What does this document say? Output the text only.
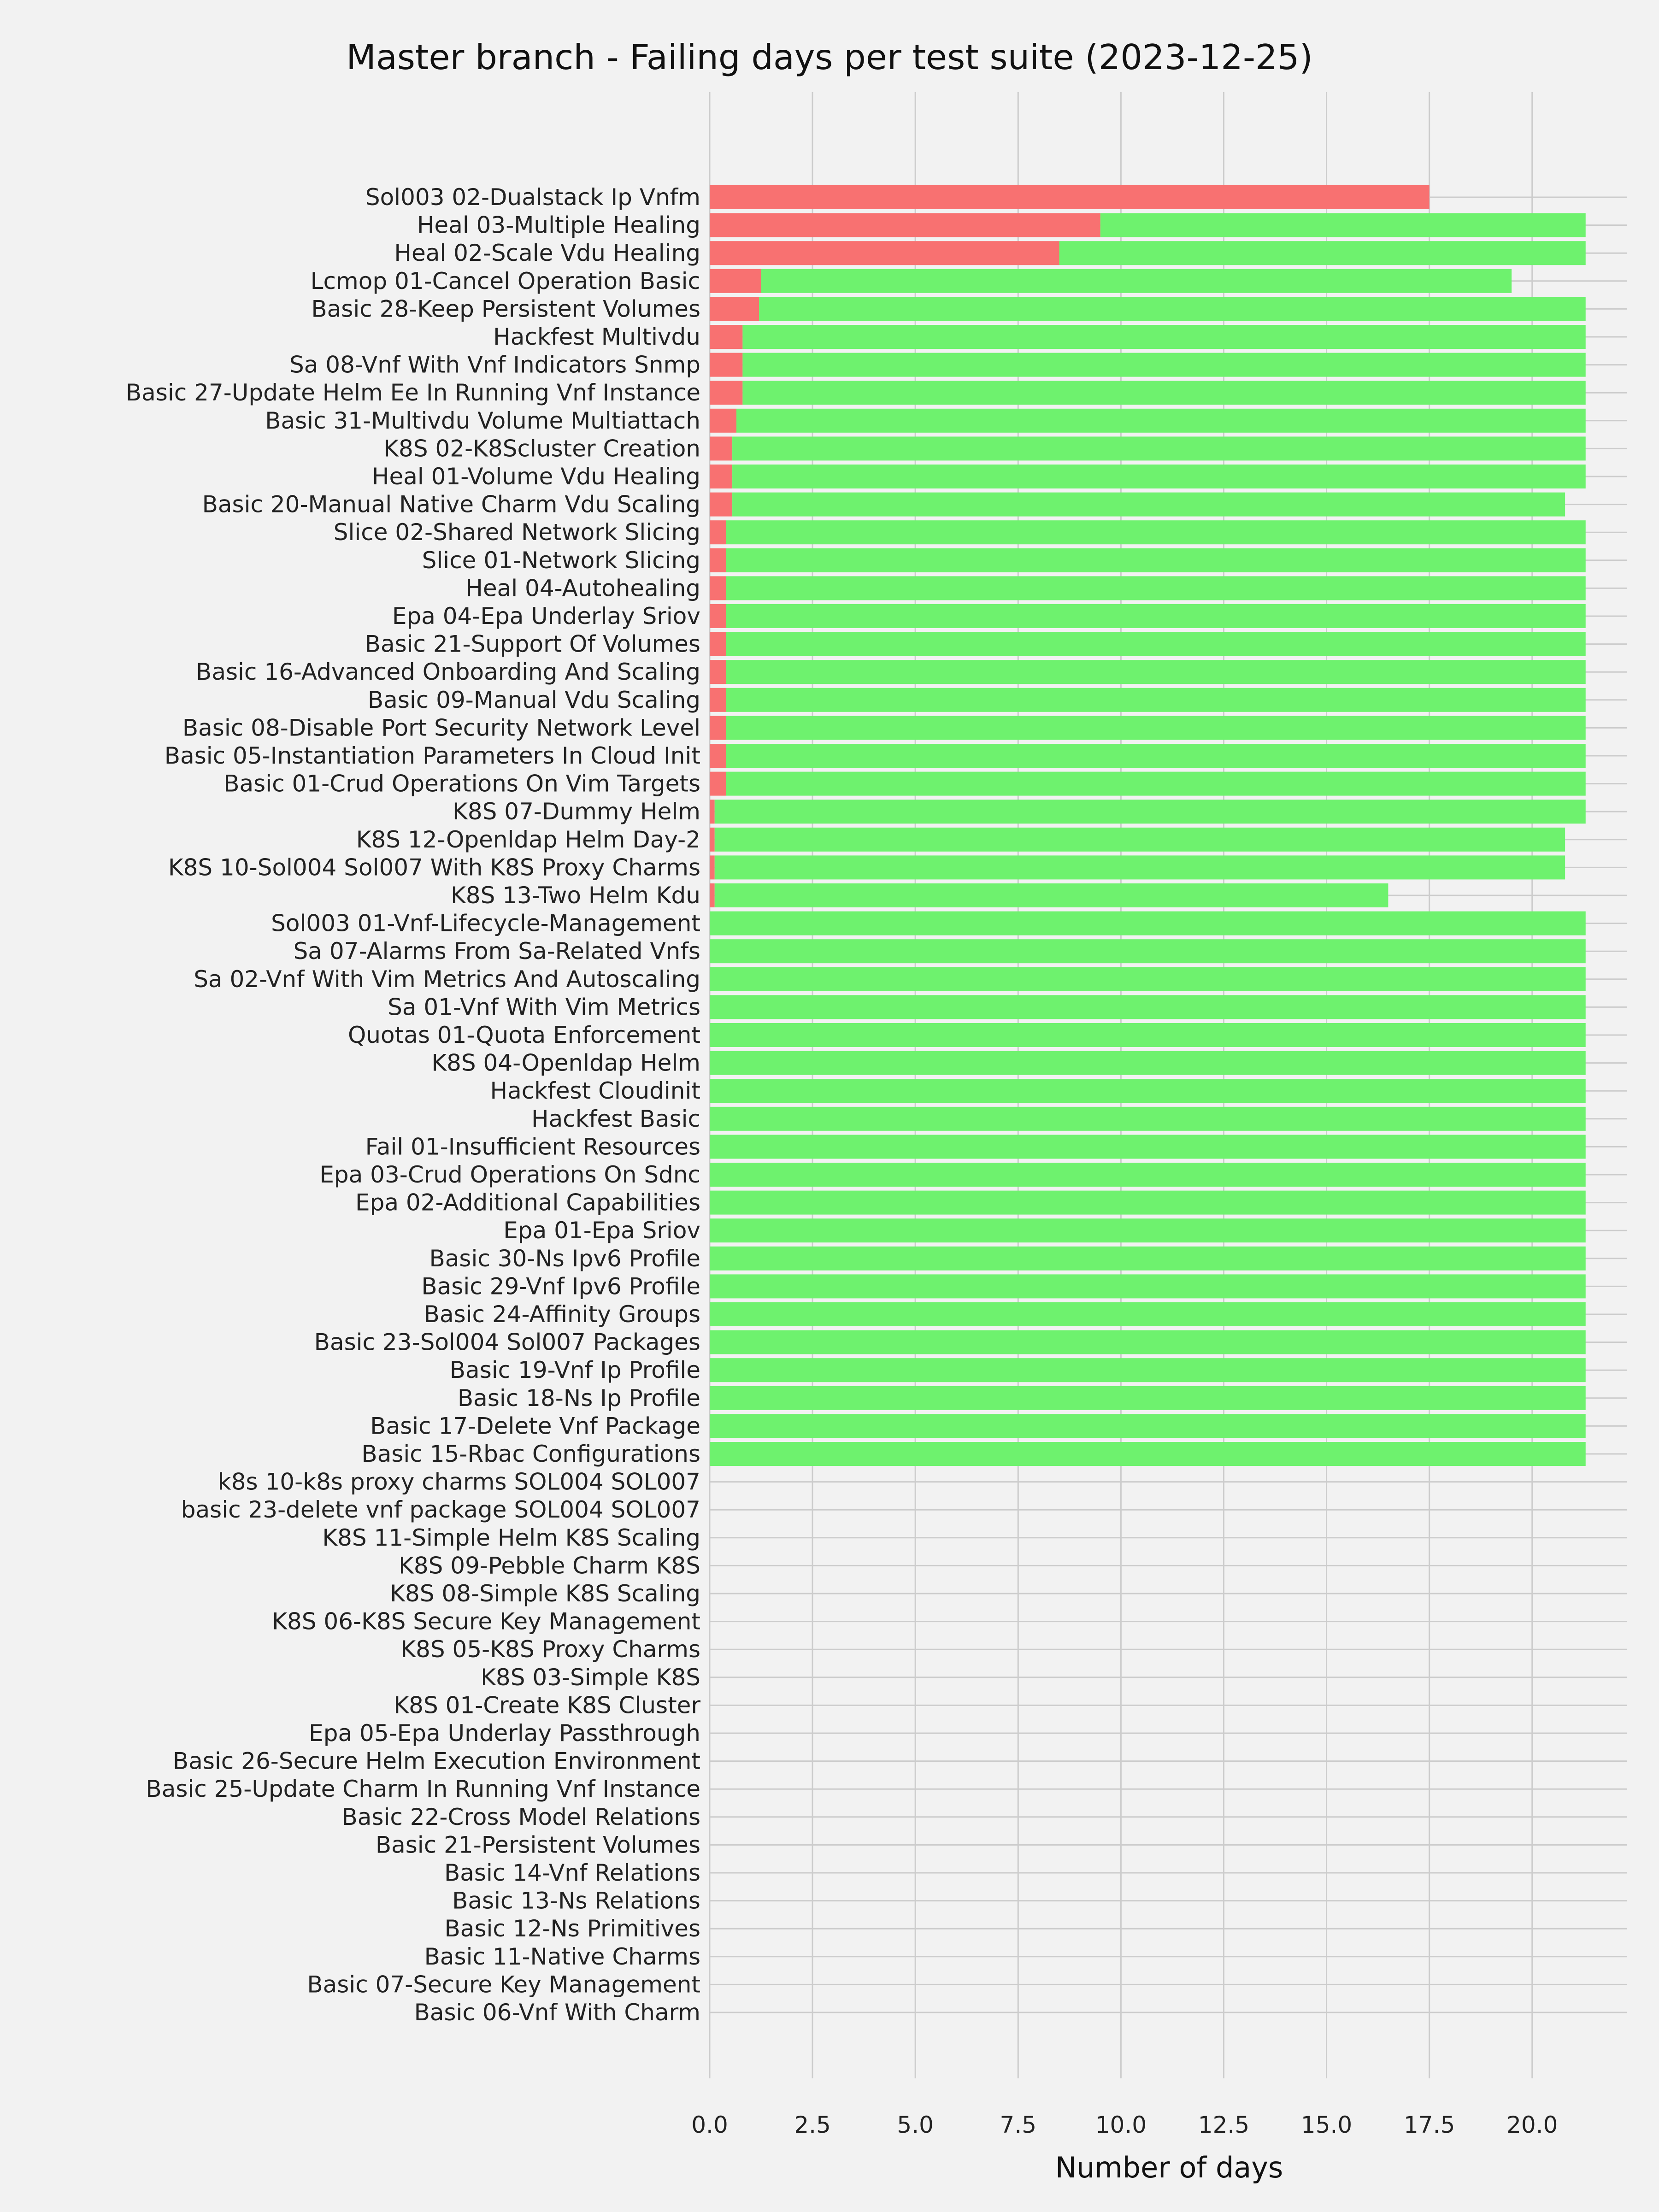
0.0	2.5	5.0	7.5	10.0 12.5 15.0 17.5 20.0
Sol003 02-Dualstack Ip Vnfm
Heal 03-Multiple Healing
Heal 02-Scale Vdu Healing
Lcmop 01-Cancel Operation Basic
Basic 28-Keep Persistent Volumes
Hackfest Multivdu
Sa 08-Vnf With Vnf Indicators Snmp
Basic 27-Update Helm Ee In Running Vnf Instance
Basic 31-Multivdu Volume Multiattach
K8S 02-K8Scluster Creation
Heal 01-Volume Vdu Healing
Basic 20-Manual Native Charm Vdu Scaling
Slice 02-Shared Network Slicing
Slice 01-Network Slicing
Heal 04-Autohealing
Epa 04-Epa Underlay Sriov
Basic 21-Support Of Volumes
Basic 16-Advanced Onboarding And Scaling
Basic 09-Manual Vdu Scaling
Basic 08-Disable Port Security Network Level
Basic 05-Instantiation Parameters In Cloud Init
Basic 01-Crud Operations On Vim Targets
K8S 07-Dummy Helm
K8S 12-Openldap Helm Day-2
K8S 10-Sol004 Sol007 With K8S Proxy Charms
K8S 13-Two Helm Kdu
Sol003 01-Vnf-Lifecycle-Management
Sa 07-Alarms From Sa-Related Vnfs
Sa 02-Vnf With Vim Metrics And Autoscaling
Sa 01-Vnf With Vim Metrics
Quotas 01-Quota Enforcement
K8S 04-Openldap Helm
Hackfest Cloudinit
Hackfest Basic
Fail 01-Insufficient Resources
Epa 03-Crud Operations On Sdnc
Epa 02-Additional Capabilities
Epa 01-Epa Sriov
Basic 30-Ns Ipv6 Profile
Basic 29-Vnf Ipv6 Profile
Basic 24-Affinity Groups
Basic 23-Sol004 Sol007 Packages
Basic 19-Vnf Ip Profile
Basic 18-Ns Ip Profile
Basic 17-Delete Vnf Package
Basic 15-Rbac Configurations
k8s 10-k8s proxy charms SOL004 SOL007
basic 23-delete vnf package SOL004 SOL007
K8S 11-Simple Helm K8S Scaling
K8S 09-Pebble Charm K8S
K8S 08-Simple K8S Scaling
K8S 06-K8S Secure Key Management
K8S 05-K8S Proxy Charms
K8S 03-Simple K8S
K8S 01-Create K8S Cluster
Epa 05-Epa Underlay Passthrough
Basic 26-Secure Helm Execution Environment
Basic 25-Update Charm In Running Vnf Instance
Basic 22-Cross Model Relations
Basic 21-Persistent Volumes
Basic 14-Vnf Relations
Basic 13-Ns Relations
Basic 12-Ns Primitives
Basic 11-Native Charms
Basic 07-Secure Key Management
Basic 06-Vnf With Charm
Master branch - Failing days per test suite (2023-12-25)
Number of days
